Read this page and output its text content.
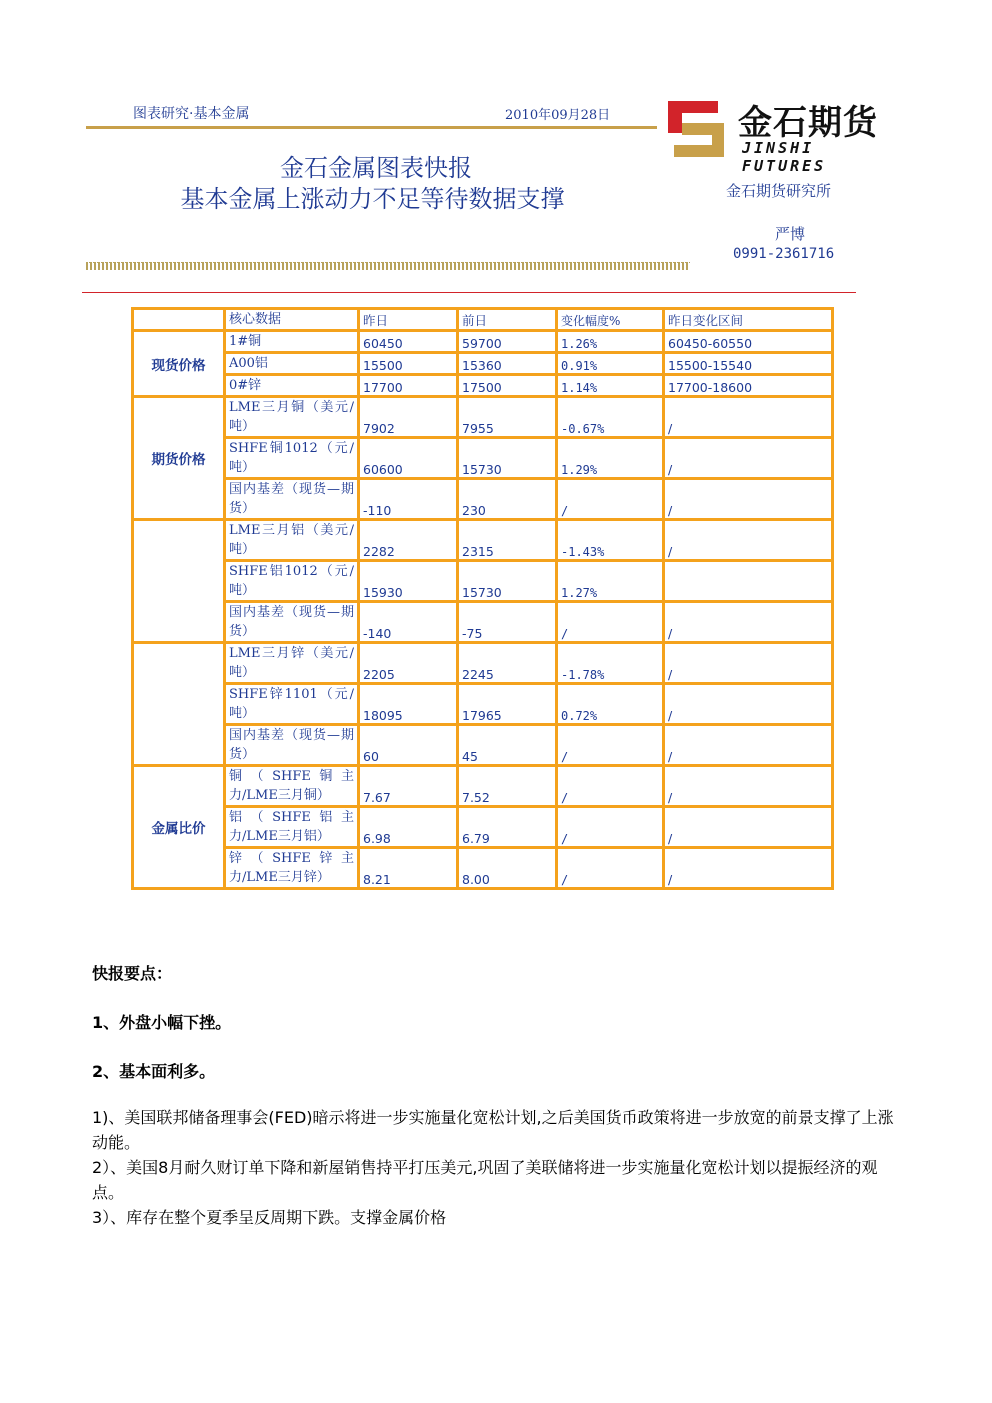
图表研究·基本金属	2010年09月28日	金石期货
JINSHI FUTURES
金石金属图表快报
基本金属上涨动力不足等待数据支撑	金石期货研究所
严博
0991-2361716
	核心数据	昨日	前日	变化幅度%	昨日变化区间
现货价格	1#铜	60450	59700	1.26%	60450-60550
	A00铝	15500	15360	0.91%	15500-15540
	0#锌	17700	17500	1.14%	17700-18600
期货价格	LME三月铜（美元/吨）	7902	7955	-0.67%	/
	SHFE铜1012（元/吨）	60600	15730	1.29%	/
	国内基差（现货—期货）	-110	230	/	/
	LME三月铝（美元/吨）	2282	2315	-1.43%	/
	SHFE铝1012（元/吨）	15930	15730	1.27%	
	国内基差（现货—期货）	-140	-75	/	/
	LME三月锌（美元/吨）	2205	2245	-1.78%	/
	SHFE锌1101（元/吨）	18095	17965	0.72%	/
	国内基差（现货—期货）	60	45	/	/
金属比价	铜（SHFE铜主力/LME三月铜）	7.67	7.52	/	/
	铝（SHFE铝主力/LME三月铝）	6.98	6.79	/	/
	锌（SHFE锌主力/LME三月锌）	8.21	8.00	/	/
快报要点：
1、外盘小幅下挫。
2、基本面利多。
1)、美国联邦储备理事会(FED)暗示将进一步实施量化宽松计划,之后美国货币政策将进一步放宽的前景支撑了上涨动能。
2）、美国8月耐久财订单下降和新屋销售持平打压美元,巩固了美联储将进一步实施量化宽松计划以提振经济的观点。
3）、库存在整个夏季呈反周期下跌。支撑金属价格
